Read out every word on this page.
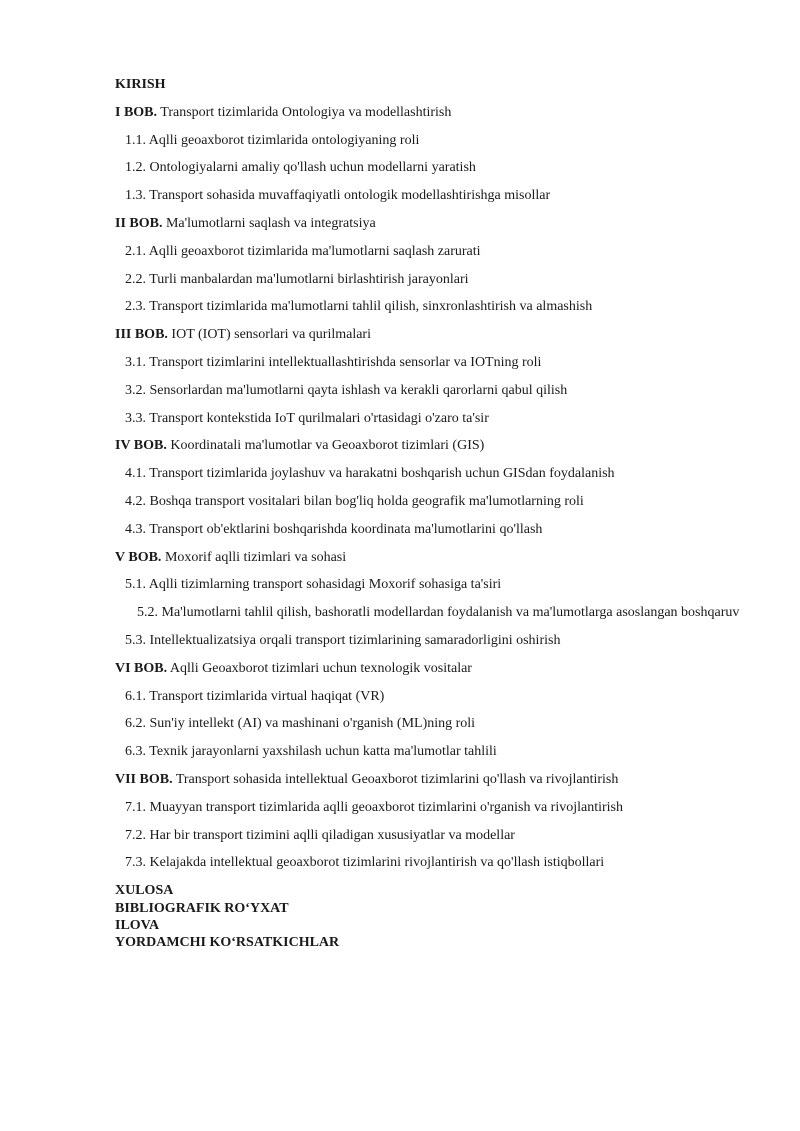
KIRISH
I BOB. Transport tizimlarida Ontologiya va modellashtirish
1.1. Aqlli geoaxborot tizimlarida ontologiyaning roli
1.2. Ontologiyalarni amaliy qo'llash uchun modellarni yaratish
1.3. Transport sohasida muvaffaqiyatli ontologik modellashtirishga misollar
II BOB. Ma'lumotlarni saqlash va integratsiya
2.1. Aqlli geoaxborot tizimlarida ma'lumotlarni saqlash zarurati
2.2. Turli manbalardan ma'lumotlarni birlashtirish jarayonlari
2.3. Transport tizimlarida ma'lumotlarni tahlil qilish, sinxronlashtirish va almashish
III BOB. IOT (IOT) sensorlari va qurilmalari
3.1. Transport tizimlarini intellektuallashtirishda sensorlar va IOTning roli
3.2. Sensorlardan ma'lumotlarni qayta ishlash va kerakli qarorlarni qabul qilish
3.3. Transport kontekstida IoT qurilmalari o'rtasidagi o'zaro ta'sir
IV BOB. Koordinatali ma'lumotlar va Geoaxborot tizimlari (GIS)
4.1. Transport tizimlarida joylashuv va harakatni boshqarish uchun GISdan foydalanish
4.2. Boshqa transport vositalari bilan bog'liq holda geografik ma'lumotlarning roli
4.3. Transport ob'ektlarini boshqarishda koordinata ma'lumotlarini qo'llash
V BOB. Moxorif aqlli tizimlari va sohasi
5.1. Aqlli tizimlarning transport sohasidagi Moxorif sohasiga ta'siri
5.2. Ma'lumotlarni tahlil qilish, bashoratli modellardan foydalanish va ma'lumotlarga asoslangan boshqaruv
5.3. Intellektualizatsiya orqali transport tizimlarining samaradorligini oshirish
VI BOB. Aqlli Geoaxborot tizimlari uchun texnologik vositalar
6.1. Transport tizimlarida virtual haqiqat (VR)
6.2. Sun'iy intellekt (AI) va mashinani o'rganish (ML)ning roli
6.3. Texnik jarayonlarni yaxshilash uchun katta ma'lumotlar tahlili
VII BOB. Transport sohasida intellektual Geoaxborot tizimlarini qo'llash va rivojlantirish
7.1. Muayyan transport tizimlarida aqlli geoaxborot tizimlarini o'rganish va rivojlantirish
7.2. Har bir transport tizimini aqlli qiladigan xususiyatlar va modellar
7.3. Kelajakda intellektual geoaxborot tizimlarini rivojlantirish va qo'llash istiqbollari
XULOSA
BIBLIOGRAFIK RO‘YXAT
ILOVA
YORDAMCHI KO‘RSATKICHLAR
